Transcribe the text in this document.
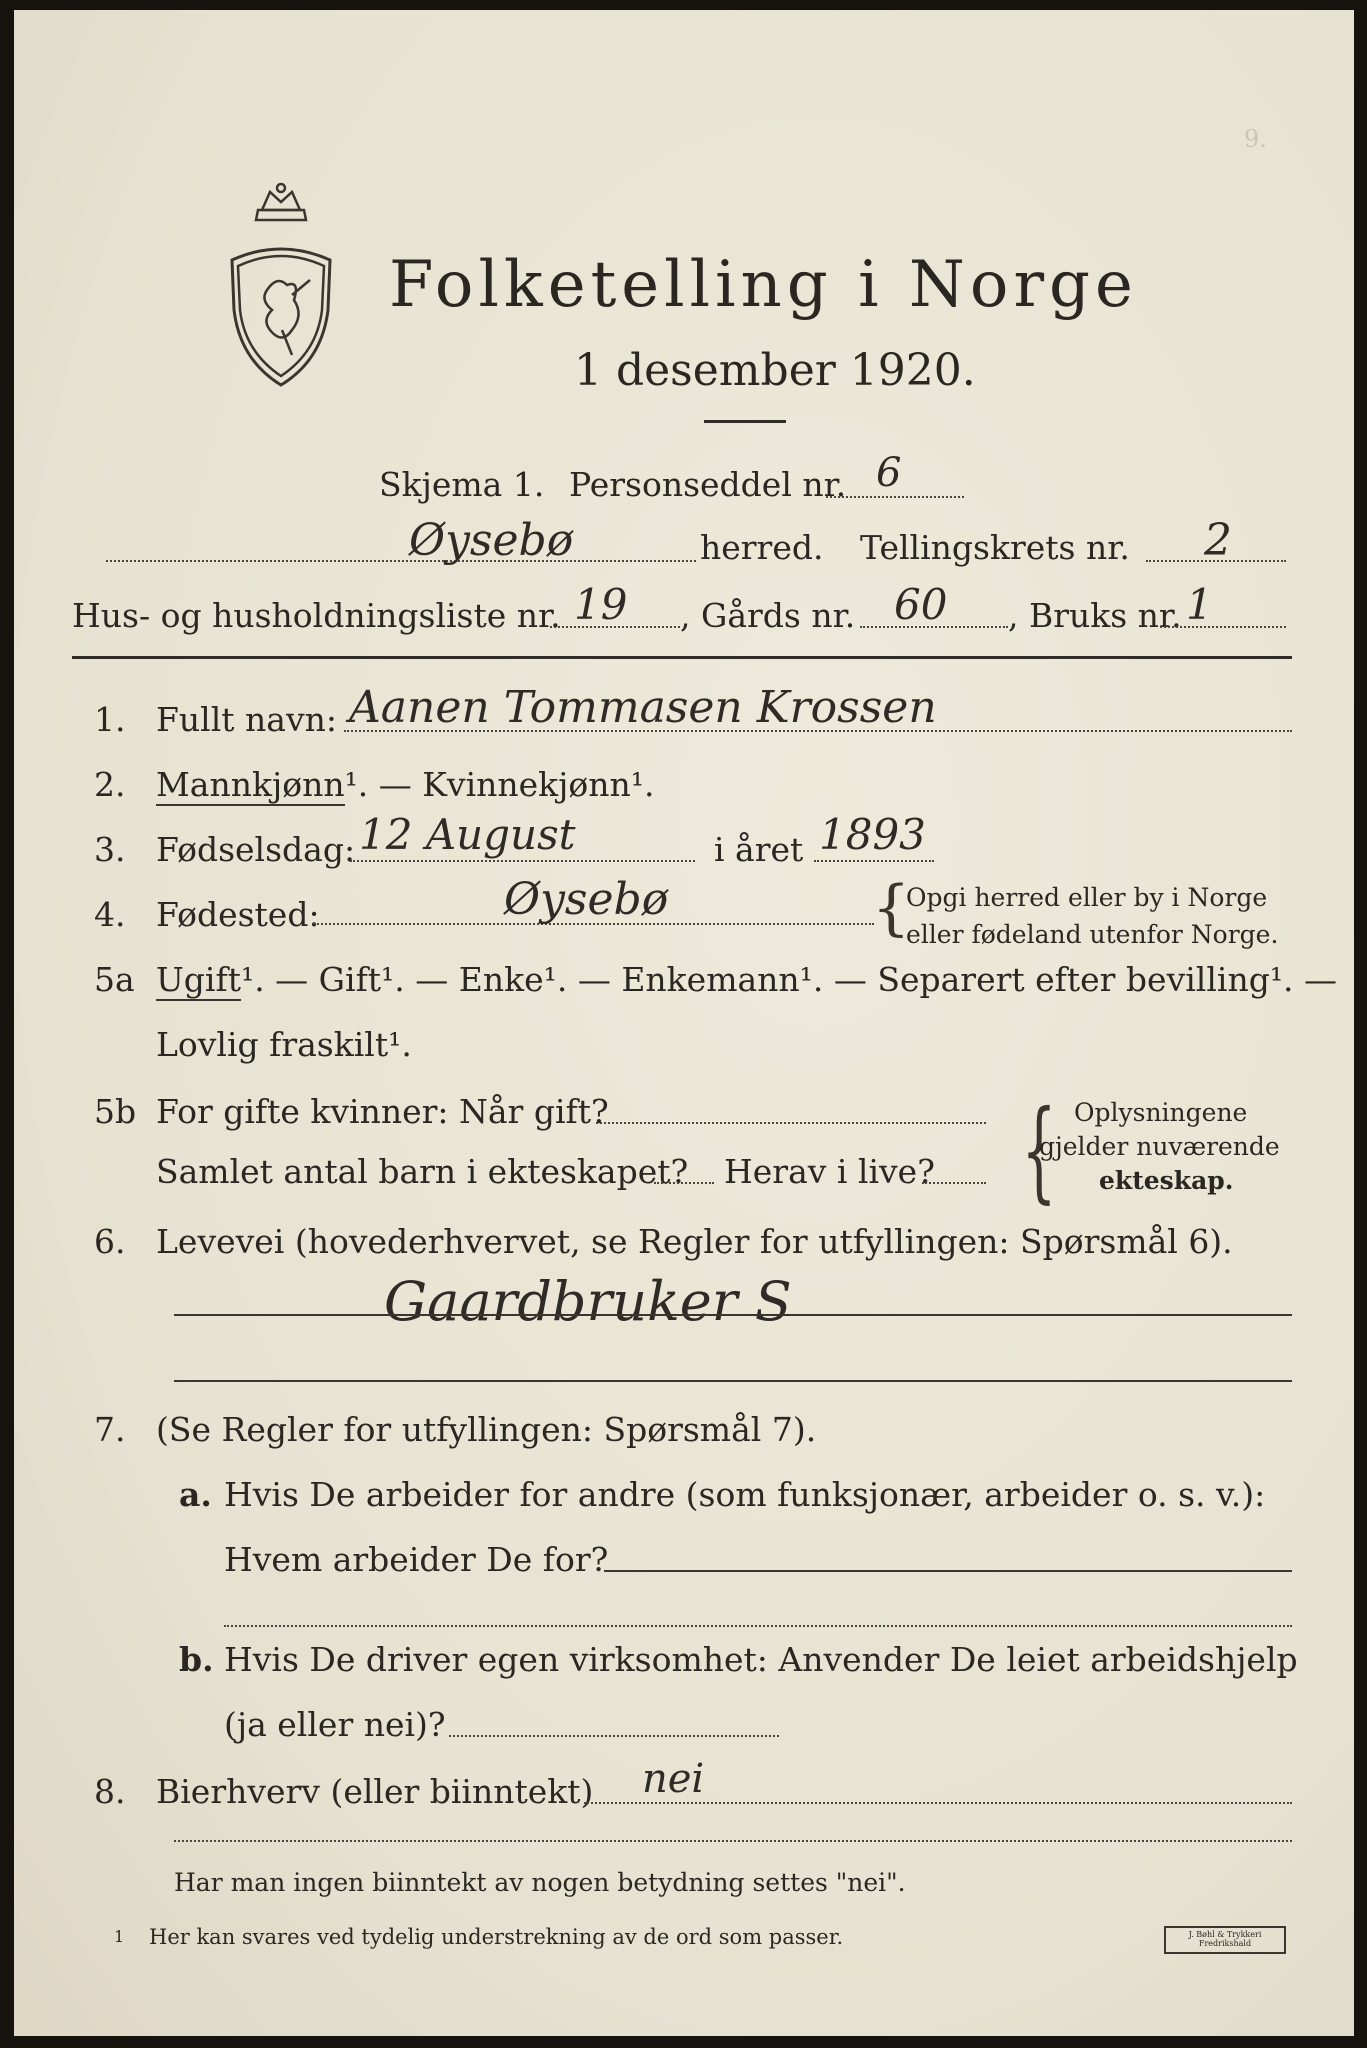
9.
Folketelling i Norge
1 desember 1920.
Skjema 1. Personseddel nr. 6
Øysebø	herred. Tellingskrets nr. 2
Hus- og husholdningsliste nr. 19 , Gårds nr. 60 , Bruks nr. 1
1. Fullt navn: Aanen Tommasen Krossen
2. Mannkjønn¹. — Kvinnekjønn¹.
3. Fødselsdag: 12 August	i året 1893
4. Fødested:	Øysebø	{
Opgi herred eller by i Norge
eller fødeland utenfor Norge.
5a Ugift¹. — Gift¹. — Enke¹. — Enkemann¹. — Separert efter bevilling¹. —
Lovlig fraskilt¹.
5b For gifte kvinner: Når gift?
Samlet antal barn i ekteskapet? Herav i live? { Oplysningene
gjelder nuværende
ekteskap.
6. Levevei (hovederhvervet, se Regler for utfyllingen: Spørsmål 6).
Gaardbruker S
7. (Se Regler for utfyllingen: Spørsmål 7).
a. Hvis De arbeider for andre (som funksjonær, arbeider o. s. v.):
Hvem arbeider De for?
b. Hvis De driver egen virksomhet: Anvender De leiet arbeidshjelp
(ja eller nei)?
8. Bierhverv (eller biinntekt) nei
Har man ingen biinntekt av nogen betydning settes "nei".
1 Her kan svares ved tydelig understrekning av de ord som passer.	J. Bøhl & Trykkeri Fredrikshald
